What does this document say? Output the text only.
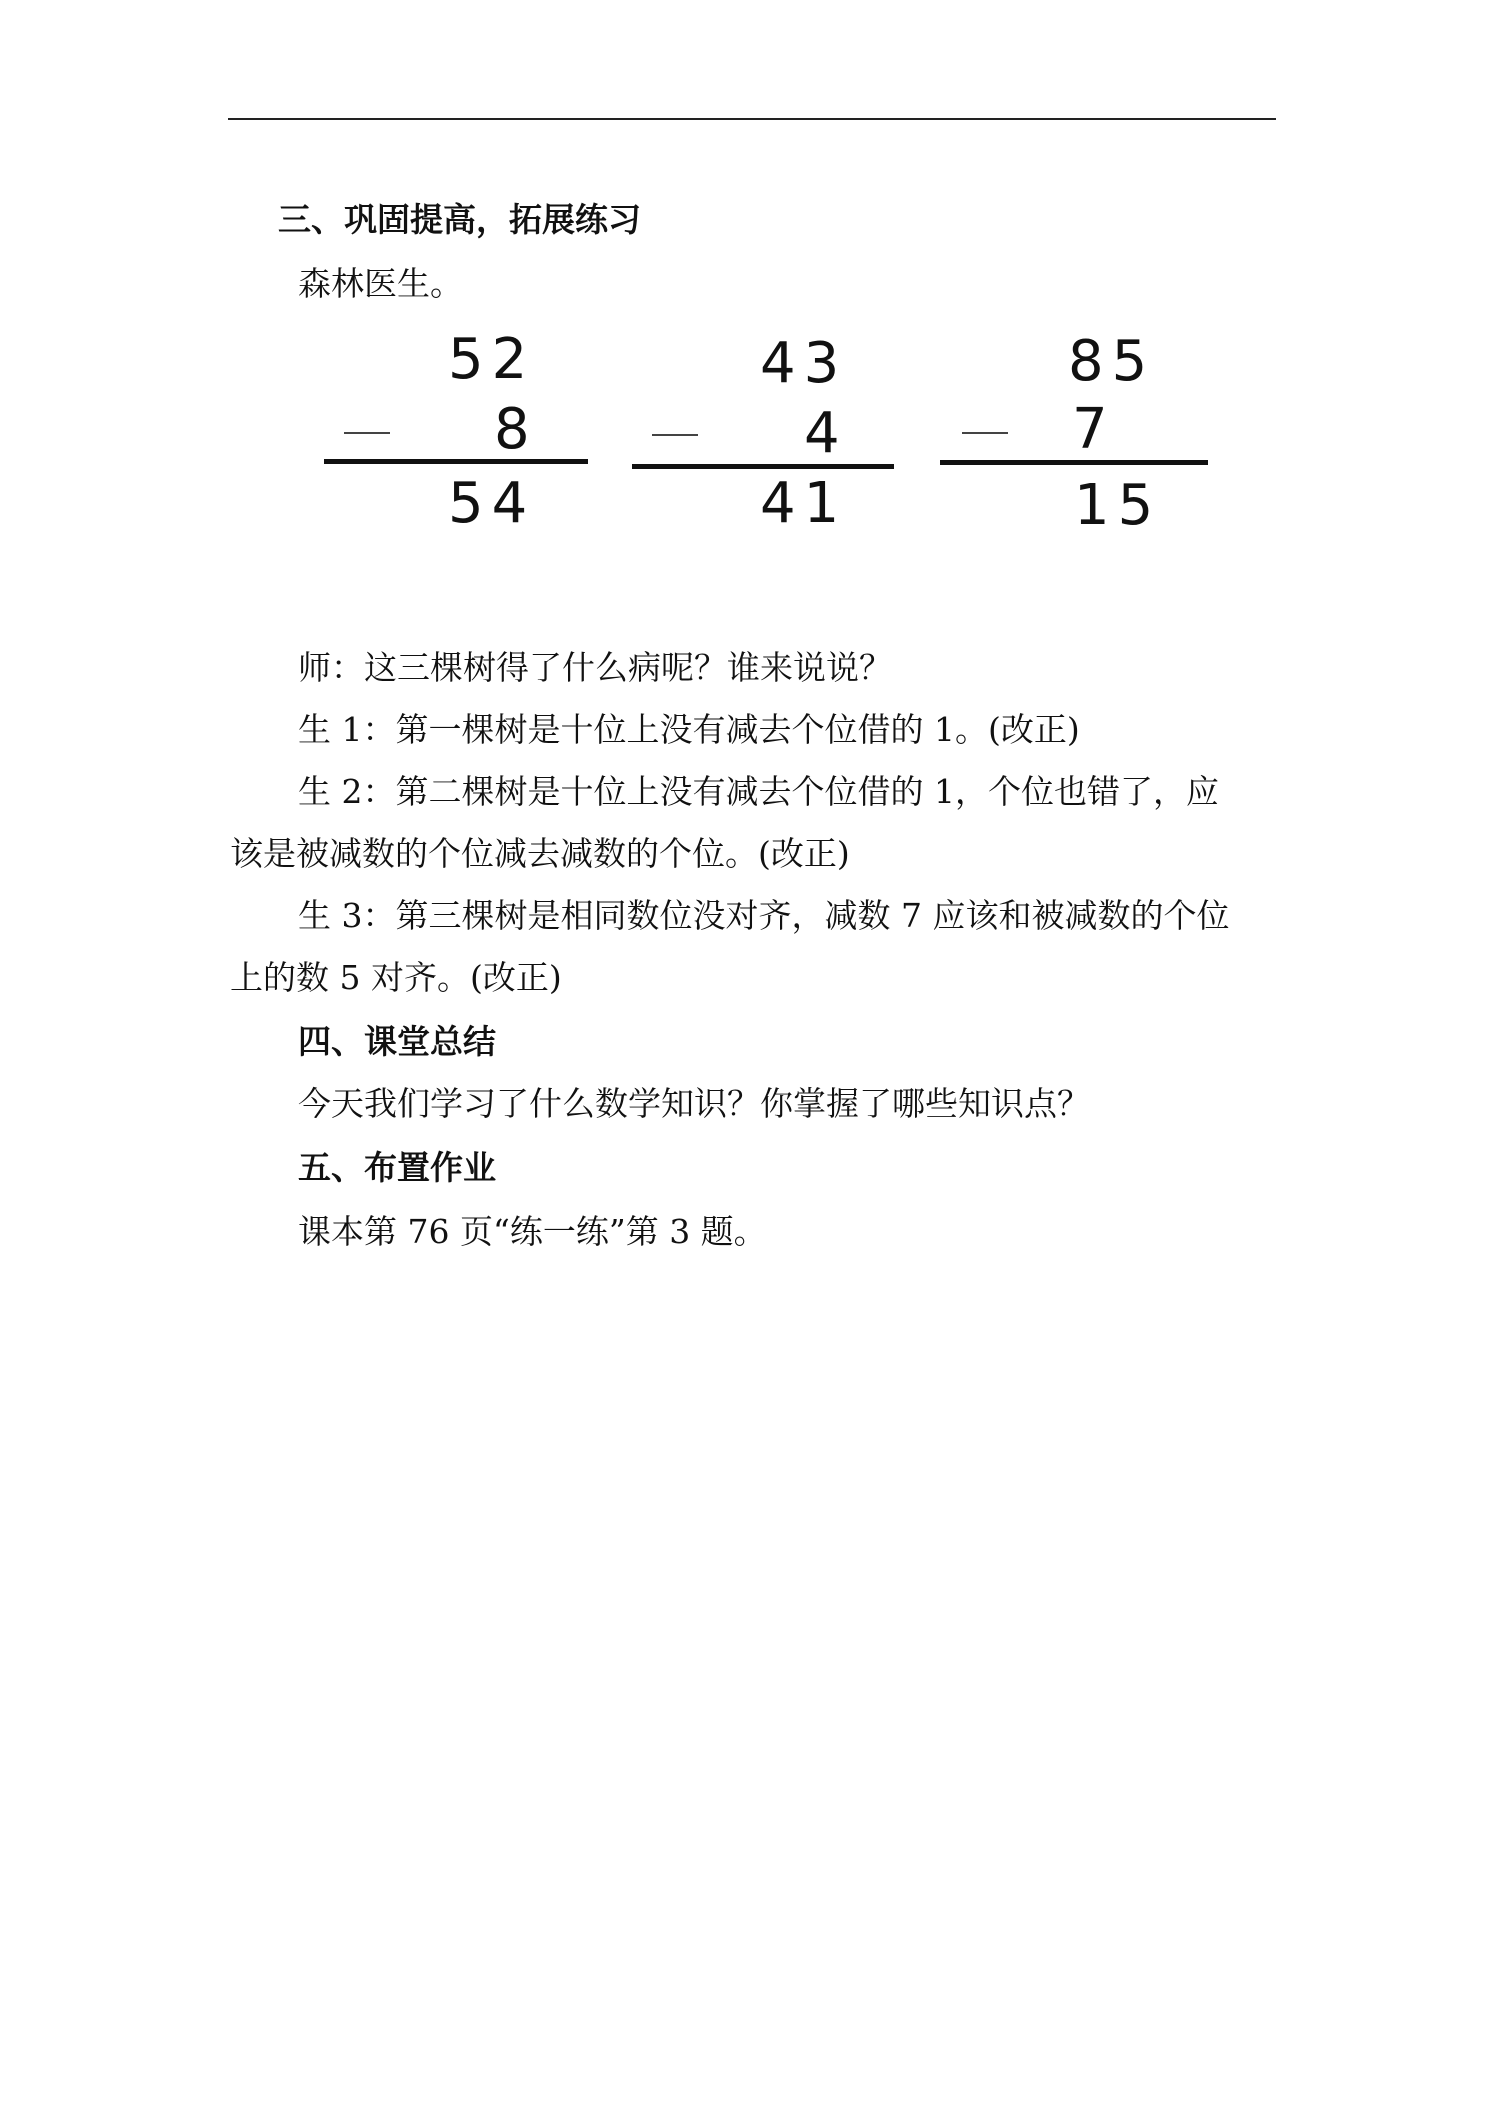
三、巩固提高，拓展练习
森林医生。
52
8
54
43
4
41
85
7
15
师：这三棵树得了什么病呢？谁来说说？
生 1：第一棵树是十位上没有减去个位借的 1。(改正)
生 2：第二棵树是十位上没有减去个位借的 1，个位也错了，应
该是被减数的个位减去减数的个位。(改正)
生 3：第三棵树是相同数位没对齐，减数 7 应该和被减数的个位
上的数 5 对齐。(改正)
四、课堂总结
今天我们学习了什么数学知识？你掌握了哪些知识点？
五、布置作业
课本第 76 页“练一练”第 3 题。
